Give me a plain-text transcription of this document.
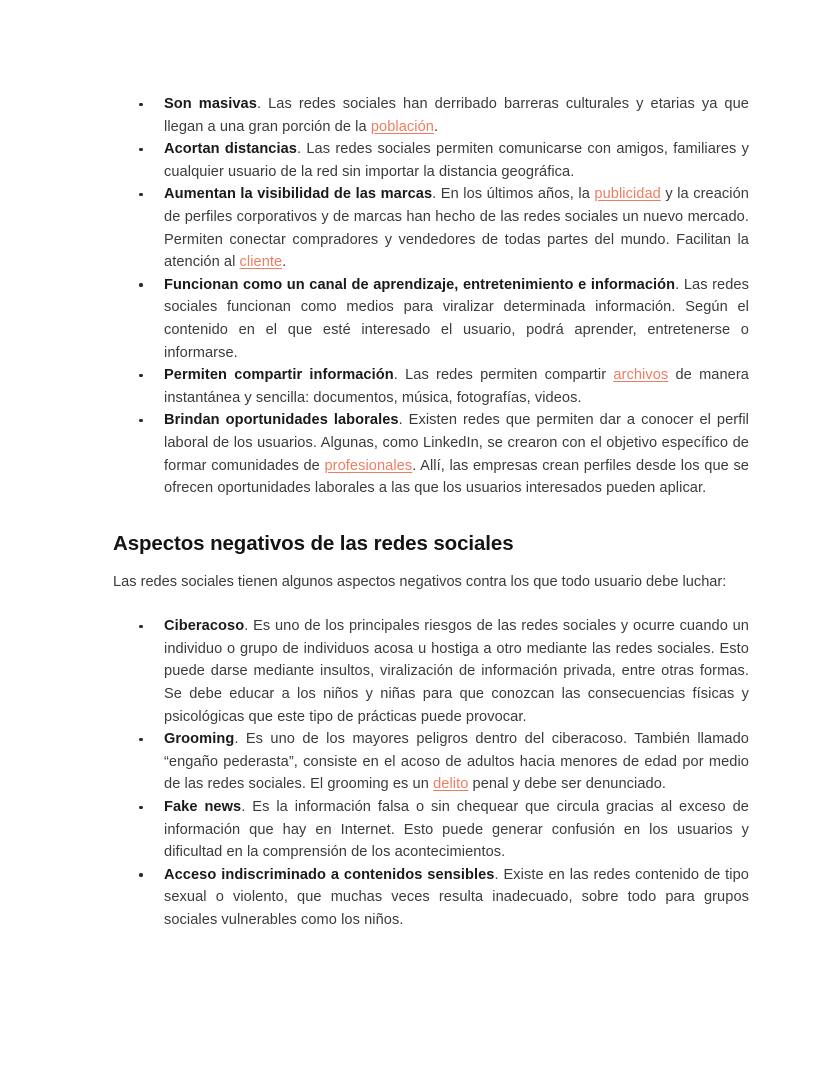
Son masivas. Las redes sociales han derribado barreras culturales y etarias ya que llegan a una gran porción de la población.

Acortan distancias. Las redes sociales permiten comunicarse con amigos, familiares y cualquier usuario de la red sin importar la distancia geográfica.

Aumentan la visibilidad de las marcas. En los últimos años, la publicidad y la creación de perfiles corporativos y de marcas han hecho de las redes sociales un nuevo mercado. Permiten conectar compradores y vendedores de todas partes del mundo. Facilitan la atención al cliente.

Funcionan como un canal de aprendizaje, entretenimiento e información. Las redes sociales funcionan como medios para viralizar determinada información. Según el contenido en el que esté interesado el usuario, podrá aprender, entretenerse o informarse.

Permiten compartir información. Las redes permiten compartir archivos de manera instantánea y sencilla: documentos, música, fotografías, videos.

Brindan oportunidades laborales. Existen redes que permiten dar a conocer el perfil laboral de los usuarios. Algunas, como LinkedIn, se crearon con el objetivo específico de formar comunidades de profesionales. Allí, las empresas crean perfiles desde los que se ofrecen oportunidades laborales a las que los usuarios interesados pueden aplicar.

Aspectos negativos de las redes sociales

Las redes sociales tienen algunos aspectos negativos contra los que todo usuario debe luchar:

Ciberacoso. Es uno de los principales riesgos de las redes sociales y ocurre cuando un individuo o grupo de individuos acosa u hostiga a otro mediante las redes sociales. Esto puede darse mediante insultos, viralización de información privada, entre otras formas. Se debe educar a los niños y niñas para que conozcan las consecuencias físicas y psicológicas que este tipo de prácticas puede provocar.

Grooming. Es uno de los mayores peligros dentro del ciberacoso. También llamado “engaño pederasta”, consiste en el acoso de adultos hacia menores de edad por medio de las redes sociales. El grooming es un delito penal y debe ser denunciado.

Fake news. Es la información falsa o sin chequear que circula gracias al exceso de información que hay en Internet. Esto puede generar confusión en los usuarios y dificultad en la comprensión de los acontecimientos.

Acceso indiscriminado a contenidos sensibles. Existe en las redes contenido de tipo sexual o violento, que muchas veces resulta inadecuado, sobre todo para grupos sociales vulnerables como los niños.
